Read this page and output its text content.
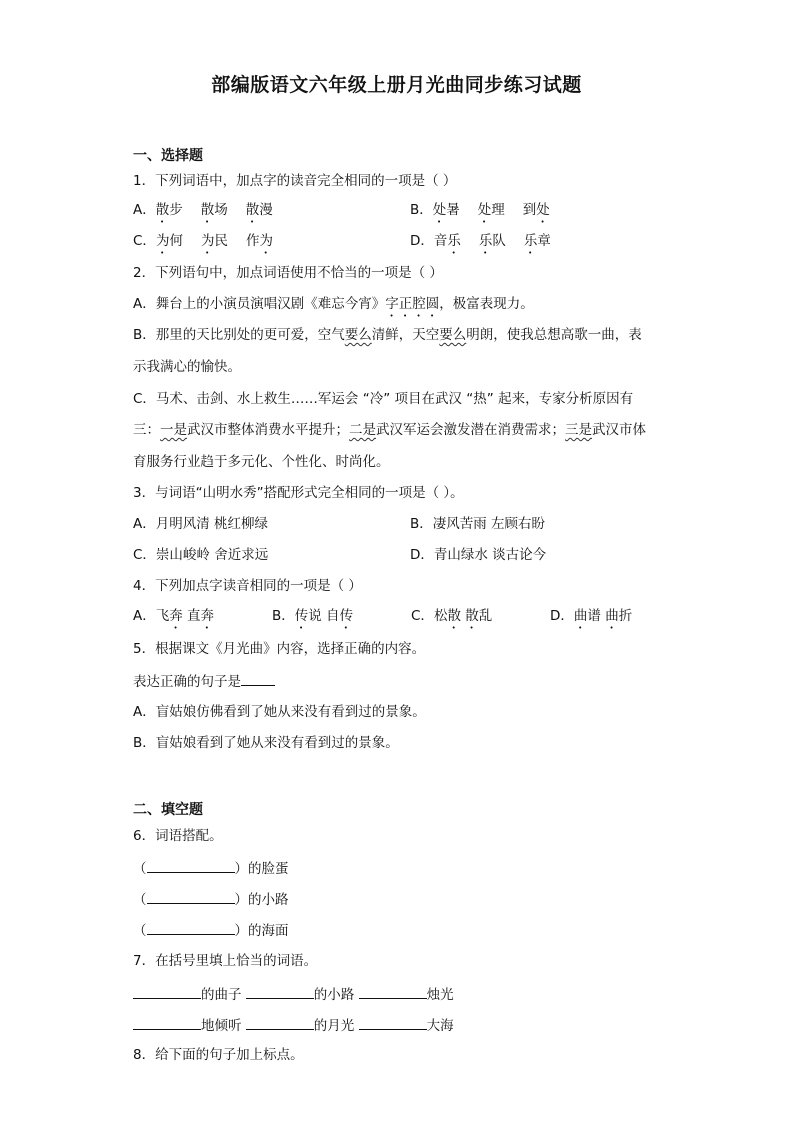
部编版语文六年级上册月光曲同步练习试题
一、选择题
1．下列词语中，加点字的读音完全相同的一项是（ ）
A．散步 散场 散漫	B．处暑 处理 到处
C．为何 为民 作为	D．音乐 乐队 乐章
2．下列语句中，加点词语使用不恰当的一项是（ ）
A．舞台上的小演员演唱汉剧《难忘今宵》字正腔圆，极富表现力。
B．那里的天比别处的更可爱，空气要么清鲜，天空要么明朗，使我总想高歌一曲，表
示我满心的愉快。
C．马术、击剑、水上救生……军运会 “冷” 项目在武汉 “热” 起来，专家分析原因有
三：一是武汉市整体消费水平提升；二是武汉军运会激发潜在消费需求；三是武汉市体
育服务行业趋于多元化、个性化、时尚化。
3．与词语“山明水秀”搭配形式完全相同的一项是（ ）。
A．月明风清 桃红柳绿	B．凄风苦雨 左顾右盼
C．崇山峻岭 舍近求远	D．青山绿水 谈古论今
4．下列加点字读音相同的一项是（ ）
A．飞奔 直奔	B．传说 自传	C．松散 散乱	D．曲谱 曲折
5．根据课文《月光曲》内容，选择正确的内容。
表达正确的句子是
A．盲姑娘仿佛看到了她从来没有看到过的景象。
B．盲姑娘看到了她从来没有看到过的景象。
二、填空题
6．词语搭配。
（	）的脸蛋
（	）的小路
（	）的海面
7．在括号里填上恰当的词语。
的曲子	的小路	烛光
地倾听	的月光	大海
8．给下面的句子加上标点。
